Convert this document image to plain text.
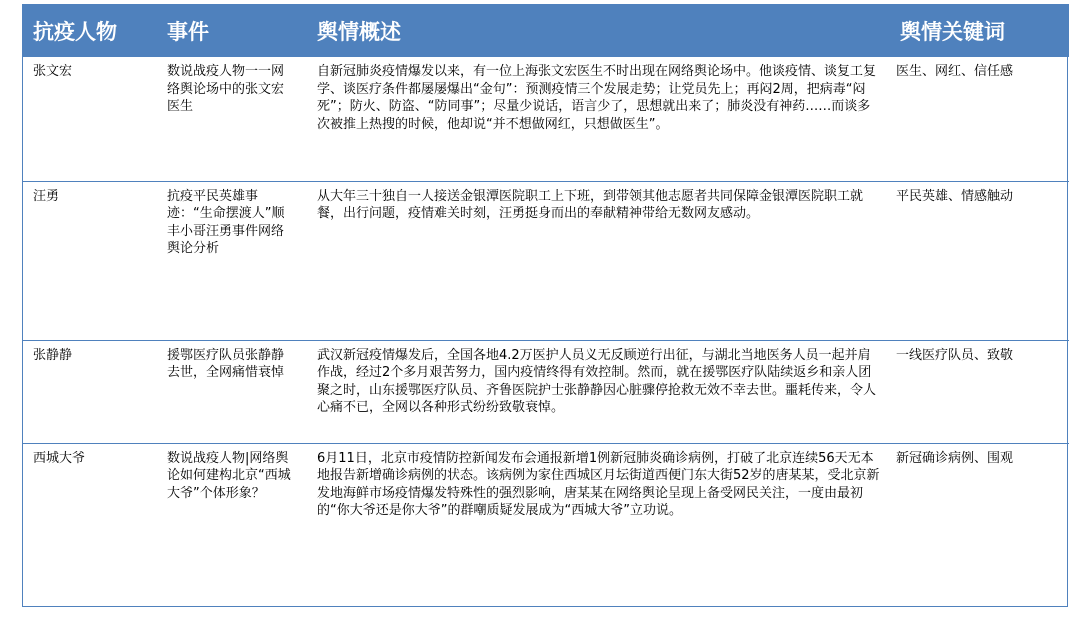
抗疫人物	事件	舆情概述	舆情关键词
张文宏	数说战疫人物一一网络舆论场中的张文宏医生	自新冠肺炎疫情爆发以来，有一位上海张文宏医生不时出现在网络舆论场中。他谈疫情、谈复工复学、谈医疗条件都屡屡爆出“金句”：预测疫情三个发展走势；让党员先上；再闷2周，把病毒“闷死”；防火、防盗、“防同事”；尽量少说话，语言少了，思想就出来了；肺炎没有神药……而谈多次被推上热搜的时候，他却说“并不想做网红，只想做医生”。	医生、网红、信任感
汪勇	抗疫平民英雄事迹：“生命摆渡人”顺丰小哥汪勇事件网络舆论分析	从大年三十独自一人接送金银潭医院职工上下班，到带领其他志愿者共同保障金银潭医院职工就餐，出行问题，疫情难关时刻，汪勇挺身而出的奉献精神带给无数网友感动。	平民英雄、情感触动
张静静	援鄂医疗队员张静静去世，全网痛惜衰悼	武汉新冠疫情爆发后，全国各地4.2万医护人员义无反顾逆行出征，与湖北当地医务人员一起并肩作战，经过2个多月艰苦努力，国内疫情终得有效控制。然而，就在援鄂医疗队陆续返乡和亲人团聚之时，山东援鄂医疗队员、齐鲁医院护士张静静因心脏骤停抢救无效不幸去世。噩耗传来，令人心痛不已，全网以各种形式纷纷致敬衰悼。	一线医疗队员、致敬
西城大爷	数说战疫人物|网络舆论如何建构北京“西城大爷”个体形象？	6月11日，北京市疫情防控新闻发布会通报新增1例新冠肺炎确诊病例，打破了北京连续56天无本地报告新增确诊病例的状态。该病例为家住西城区月坛街道西便门东大街52岁的唐某某，受北京新发地海鲜市场疫情爆发特殊性的强烈影响，唐某某在网络舆论呈现上备受网民关注，一度由最初的“你大爷还是你大爷”的群嘲质疑发展成为“西城大爷”立功说。	新冠确诊病例、围观
